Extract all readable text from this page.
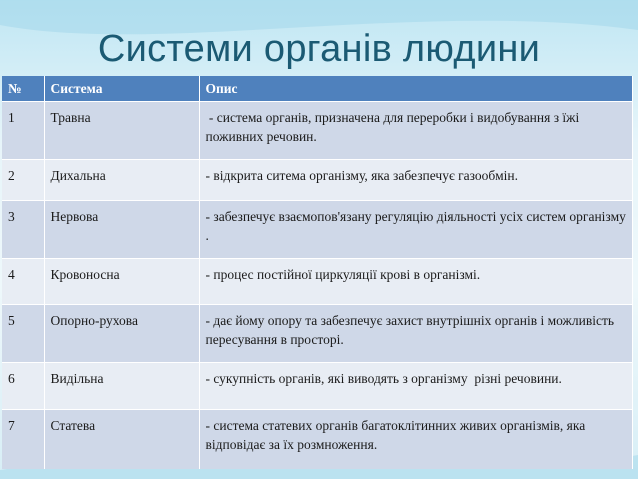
Системи органів людини
№	Система	Опис
1	Травна	- система органів, призначена для переробки і видобування з їжі поживних речовин.
2	Дихальна	- відкрита ситема організму, яка забезпечує газообмін.
3	Нервова	- забезпечує взаємопов'язану регуляцію діяльності усіх систем організму .
4	Кровоносна	- процес постійної циркуляції крові в організмі.
5	Опорно-рухова	- дає йому опору та забезпечує захист внутрішніх органів і можливість пересування в просторі.
6	Видільна	- сукупність органів, які виводять з організму  різні речовини.
7	Статева	- система статевих органів багатоклітинних живих організмів, яка відповідає за їх розмноження.
